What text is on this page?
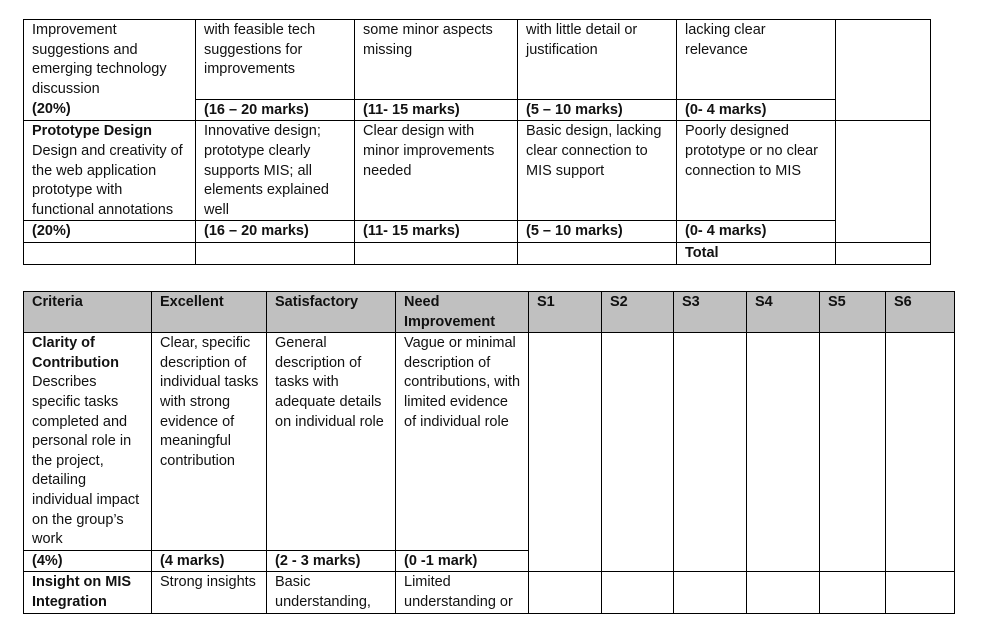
Improvement suggestions and emerging technology discussion	with feasible tech suggestions for improvements	some minor aspects missing	with little detail or justification	lacking clear relevance	
(20%)	(16 – 20 marks)	(11- 15 marks)	(5 – 10 marks)	(0- 4 marks)	

Prototype Design
Design and creativity of the web application prototype with functional annotations	Innovative design; prototype clearly supports MIS; all elements explained well	Clear design with minor improvements needed	Basic design, lacking clear connection to MIS support	Poorly designed prototype or no clear connection to MIS	
(20%)	(16 – 20 marks)	(11- 15 marks)	(5 – 10 marks)	(0- 4 marks)	
				Total	
Criteria	Excellent	Satisfactory	Need Improvement	S1	S2	S3	S4	S5	S6

Clarity of Contribution
Describes specific tasks completed and personal role in the project, detailing individual impact on the group’s work	Clear, specific description of individual tasks with strong evidence of meaningful contribution	General description of tasks with adequate details on individual role	Vague or minimal description of contributions, with limited evidence of individual role						
(4%)	(4 marks)	(2 - 3 marks)	(0 -1 mark)						
Insight on MIS Integration	Strong insights	Basic understanding,	Limited understanding or						
